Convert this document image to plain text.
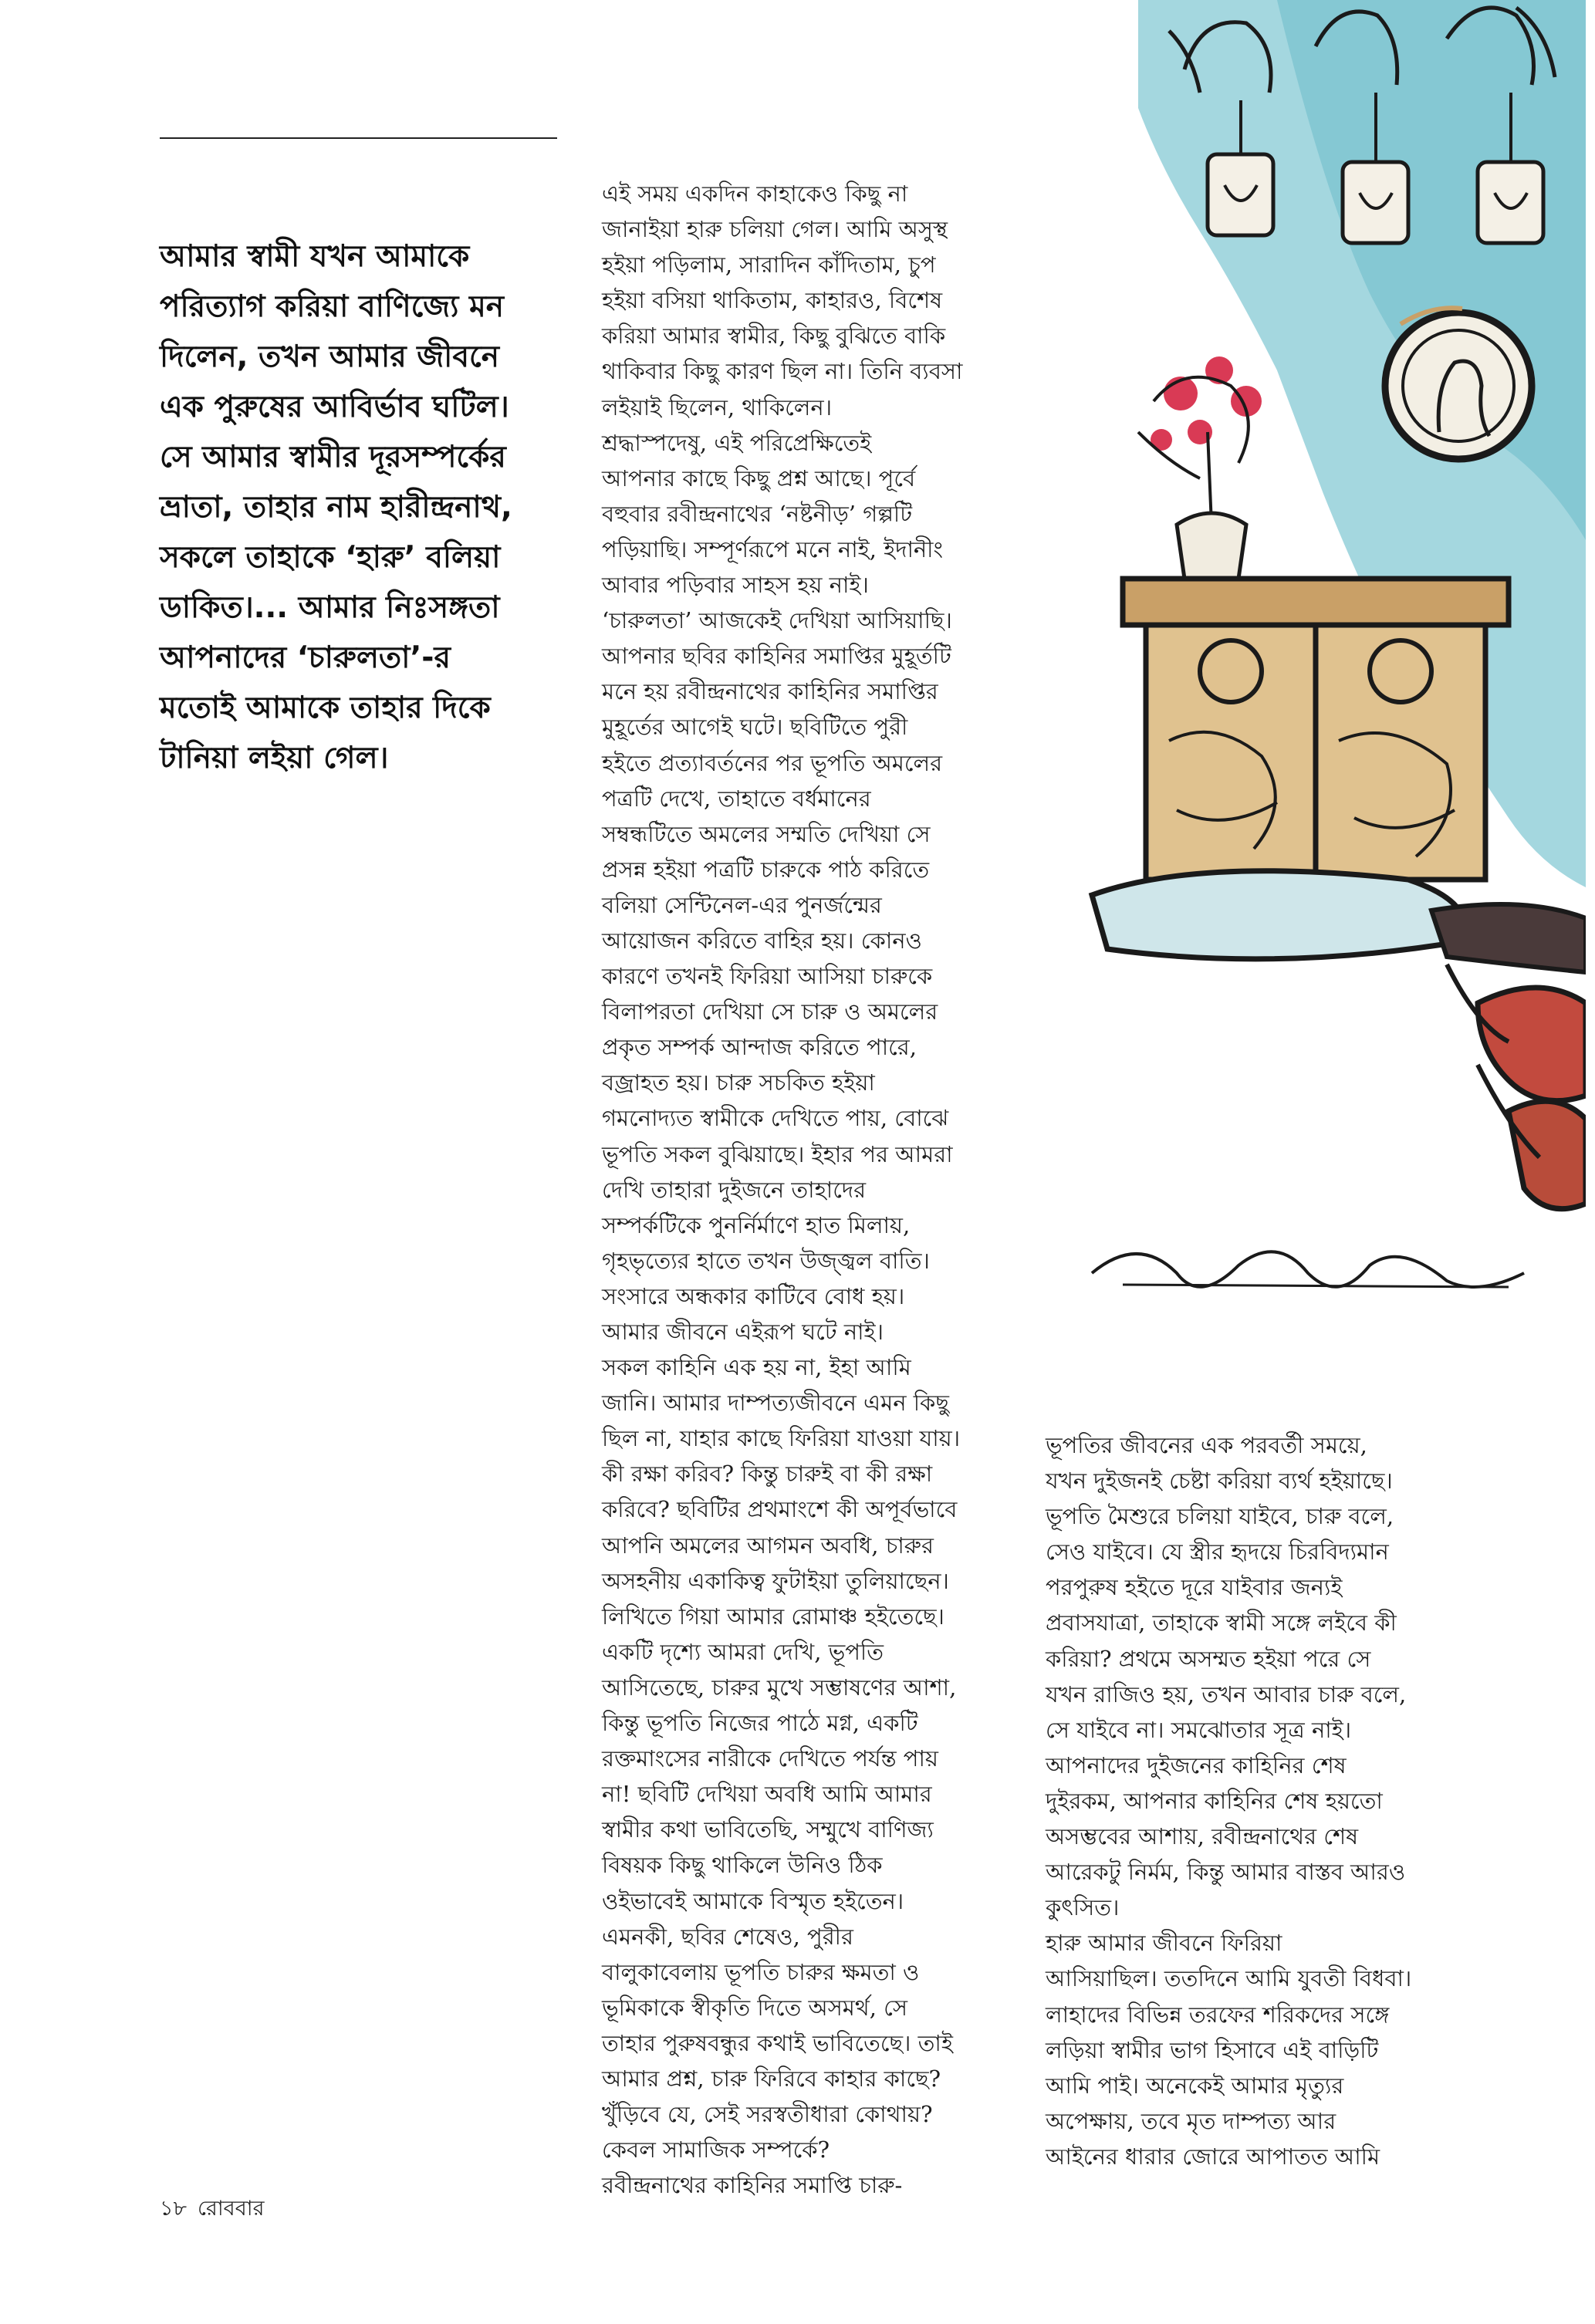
আমার স্বামী যখন আমাকে
পরিত্যাগ করিয়া বাণিজ্যে মন
দিলেন, তখন আমার জীবনে
এক পুরুষের আবির্ভাব ঘটিল।
সে আমার স্বামীর দূরসম্পর্কের
ভ্রাতা, তাহার নাম হারীন্দ্রনাথ,
সকলে তাহাকে ‘হারু’ বলিয়া
ডাকিত।... আমার নিঃসঙ্গতা
আপনাদের ‘চারুলতা’-র
মতোই আমাকে তাহার দিকে
টানিয়া লইয়া গেল।
এই সময় একদিন কাহাকেও কিছু না
জানাইয়া হারু চলিয়া গেল। আমি অসুস্থ
হইয়া পড়িলাম, সারাদিন কাঁদিতাম, চুপ
হইয়া বসিয়া থাকিতাম, কাহারও, বিশেষ
করিয়া আমার স্বামীর, কিছু বুঝিতে বাকি
থাকিবার কিছু কারণ ছিল না। তিনি ব্যবসা
লইয়াই ছিলেন, থাকিলেন।
শ্রদ্ধাস্পদেষু, এই পরিপ্রেক্ষিতেই
আপনার কাছে কিছু প্রশ্ন আছে। পূর্বে
বহুবার রবীন্দ্রনাথের ‘নষ্টনীড়’ গল্পটি
পড়িয়াছি। সম্পূর্ণরূপে মনে নাই, ইদানীং
আবার পড়িবার সাহস হয় নাই।
‘চারুলতা’ আজকেই দেখিয়া আসিয়াছি।
আপনার ছবির কাহিনির সমাপ্তির মুহূর্তটি
মনে হয় রবীন্দ্রনাথের কাহিনির সমাপ্তির
মুহূর্তের আগেই ঘটে। ছবিটিতে পুরী
হইতে প্রত্যাবর্তনের পর ভূপতি অমলের
পত্রটি দেখে, তাহাতে বর্ধমানের
সম্বন্ধটিতে অমলের সম্মতি দেখিয়া সে
প্রসন্ন হইয়া পত্রটি চারুকে পাঠ করিতে
বলিয়া সেন্টিনেল-এর পুনর্জন্মের
আয়োজন করিতে বাহির হয়। কোনও
কারণে তখনই ফিরিয়া আসিয়া চারুকে
বিলাপরতা দেখিয়া সে চারু ও অমলের
প্রকৃত সম্পর্ক আন্দাজ করিতে পারে,
বজ্রাহত হয়। চারু সচকিত হইয়া
গমনোদ্যত স্বামীকে দেখিতে পায়, বোঝে
ভূপতি সকল বুঝিয়াছে। ইহার পর আমরা
দেখি তাহারা দুইজনে তাহাদের
সম্পর্কটিকে পুনর্নির্মাণে হাত মিলায়,
গৃহভৃত্যের হাতে তখন উজ্জ্বল বাতি।
সংসারে অন্ধকার কাটিবে বোধ হয়।
আমার জীবনে এইরূপ ঘটে নাই।
সকল কাহিনি এক হয় না, ইহা আমি
জানি। আমার দাম্পত্যজীবনে এমন কিছু
ছিল না, যাহার কাছে ফিরিয়া যাওয়া যায়।
কী রক্ষা করিব? কিন্তু চারুই বা কী রক্ষা
করিবে? ছবিটির প্রথমাংশে কী অপূর্বভাবে
আপনি অমলের আগমন অবধি, চারুর
অসহনীয় একাকিত্ব ফুটাইয়া তুলিয়াছেন।
লিখিতে গিয়া আমার রোমাঞ্চ হইতেছে।
একটি দৃশ্যে আমরা দেখি, ভূপতি
আসিতেছে, চারুর মুখে সম্ভাষণের আশা,
কিন্তু ভূপতি নিজের পাঠে মগ্ন, একটি
রক্তমাংসের নারীকে দেখিতে পর্যন্ত পায়
না! ছবিটি দেখিয়া অবধি আমি আমার
স্বামীর কথা ভাবিতেছি, সম্মুখে বাণিজ্য
বিষয়ক কিছু থাকিলে উনিও ঠিক
ওইভাবেই আমাকে বিস্মৃত হইতেন।
এমনকী, ছবির শেষেও, পুরীর
বালুকাবেলায় ভূপতি চারুর ক্ষমতা ও
ভূমিকাকে স্বীকৃতি দিতে অসমর্থ, সে
তাহার পুরুষবন্ধুর কথাই ভাবিতেছে। তাই
আমার প্রশ্ন, চারু ফিরিবে কাহার কাছে?
খুঁড়িবে যে, সেই সরস্বতীধারা কোথায়?
কেবল সামাজিক সম্পর্কে?
রবীন্দ্রনাথের কাহিনির সমাপ্তি চারু-
ভূপতির জীবনের এক পরবর্তী সময়ে,
যখন দুইজনই চেষ্টা করিয়া ব্যর্থ হইয়াছে।
ভূপতি মৈশুরে চলিয়া যাইবে, চারু বলে,
সেও যাইবে। যে স্ত্রীর হৃদয়ে চিরবিদ্যমান
পরপুরুষ হইতে দূরে যাইবার জন্যই
প্রবাসযাত্রা, তাহাকে স্বামী সঙ্গে লইবে কী
করিয়া? প্রথমে অসম্মত হইয়া পরে সে
যখন রাজিও হয়, তখন আবার চারু বলে,
সে যাইবে না। সমঝোতার সূত্র নাই।
আপনাদের দুইজনের কাহিনির শেষ
দুইরকম, আপনার কাহিনির শেষ হয়তো
অসম্ভবের আশায়, রবীন্দ্রনাথের শেষ
আরেকটু নির্মম, কিন্তু আমার বাস্তব আরও
কুৎসিত।
হারু আমার জীবনে ফিরিয়া
আসিয়াছিল। ততদিনে আমি যুবতী বিধবা।
লাহাদের বিভিন্ন তরফের শরিকদের সঙ্গে
লড়িয়া স্বামীর ভাগ হিসাবে এই বাড়িটি
আমি পাই। অনেকেই আমার মৃত্যুর
অপেক্ষায়, তবে মৃত দাম্পত্য আর
আইনের ধারার জোরে আপাতত আমি
১৮ রোববার
